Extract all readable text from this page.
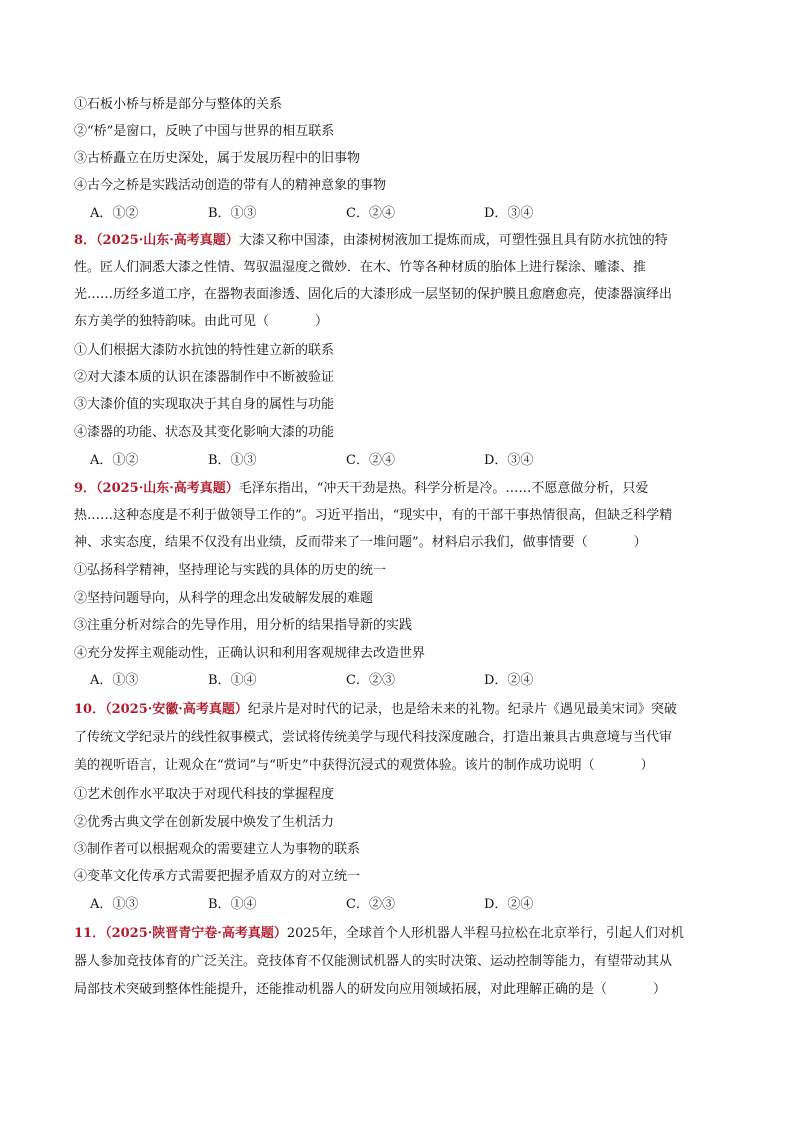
①石板小桥与桥是部分与整体的关系
②“桥”是窗口，反映了中国与世界的相互联系
③古桥矗立在历史深处，属于发展历程中的旧事物
④古今之桥是实践活动创造的带有人的精神意象的事物
A．①②	B．①③	C．②④	D．③④
8．（2025·山东·高考真题）大漆又称中国漆，由漆树树液加工提炼而成，可塑性强且具有防水抗蚀的特
性。匠人们洞悉大漆之性情、驾驭温湿度之微妙．在木、竹等各种材质的胎体上进行髹涂、雕漆、推
光……历经多道工序，在器物表面渗透、固化后的大漆形成一层坚韧的保护膜且愈磨愈亮，使漆器演绎出
东方美学的独特韵味。由此可见（	）
①人们根据大漆防水抗蚀的特性建立新的联系
②对大漆本质的认识在漆器制作中不断被验证
③大漆价值的实现取决于其自身的属性与功能
④漆器的功能、状态及其变化影响大漆的功能
A．①②	B．①③	C．②④	D．③④
9．（2025·山东·高考真题）毛泽东指出，“冲天干劲是热。科学分析是冷。……不愿意做分析，只爱
热……这种态度是不利于做领导工作的”。习近平指出，“现实中，有的干部干事热情很高，但缺乏科学精
神、求实态度，结果不仅没有出业绩，反而带来了一堆问题”。材料启示我们，做事情要（	）
①弘扬科学精神，坚持理论与实践的具体的历史的统一
②坚持问题导向，从科学的理念出发破解发展的难题
③注重分析对综合的先导作用，用分析的结果指导新的实践
④充分发挥主观能动性，正确认识和利用客观规律去改造世界
A．①③	B．①④	C．②③	D．②④
10．（2025·安徽·高考真题）纪录片是对时代的记录，也是给未来的礼物。纪录片《遇见最美宋词》突破
了传统文学纪录片的线性叙事模式，尝试将传统美学与现代科技深度融合，打造出兼具古典意境与当代审
美的视听语言，让观众在“赏词”与“听史”中获得沉浸式的观赏体验。该片的制作成功说明（	）
①艺术创作水平取决于对现代科技的掌握程度
②优秀古典文学在创新发展中焕发了生机活力
③制作者可以根据观众的需要建立人为事物的联系
④变革文化传承方式需要把握矛盾双方的对立统一
A．①③	B．①④	C．②③	D．②④
11．（2025·陕晋青宁卷·高考真题）2025年，全球首个人形机器人半程马拉松在北京举行，引起人们对机
器人参加竞技体育的广泛关注。竞技体育不仅能测试机器人的实时决策、运动控制等能力，有望带动其从
局部技术突破到整体性能提升，还能推动机器人的研发向应用领域拓展，对此理解正确的是（	）
